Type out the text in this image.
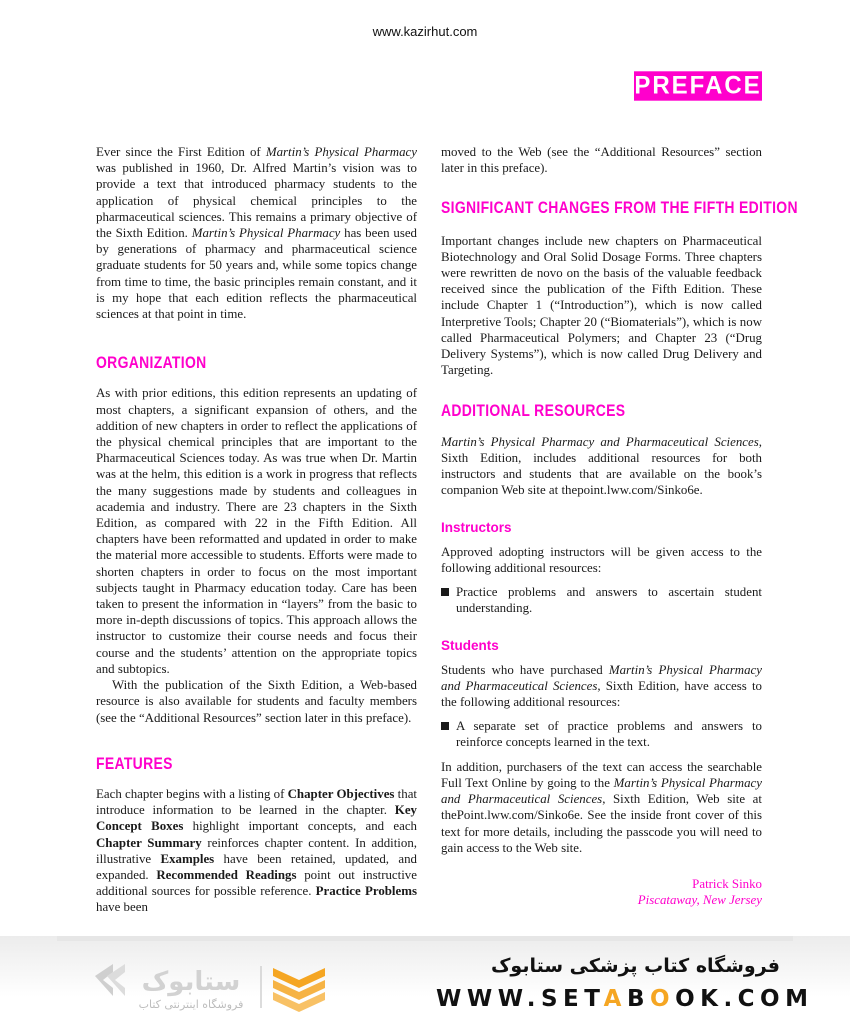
www.kazirhut.com
PREFACE

Ever since the First Edition of Martin’s Physical Pharmacy was published in 1960, Dr. Alfred Martin’s vision was to provide a text that introduced pharmacy students to the application of physical chemical principles to the pharmaceutical sciences. This remains a primary objective of the Sixth Edition. Martin’s Physical Pharmacy has been used by generations of pharmacy and pharmaceutical science graduate students for 50 years and, while some topics change from time to time, the basic principles remain constant, and it is my hope that each edition reflects the pharmaceutical sciences at that point in time.

ORGANIZATION

As with prior editions, this edition represents an updating of most chapters, a significant expansion of others, and the addition of new chapters in order to reflect the applications of the physical chemical principles that are important to the Pharmaceutical Sciences today. As was true when Dr. Martin was at the helm, this edition is a work in progress that reflects the many suggestions made by students and colleagues in academia and industry. There are 23 chapters in the Sixth Edition, as compared with 22 in the Fifth Edition. All chapters have been reformatted and updated in order to make the material more accessible to students. Efforts were made to shorten chapters in order to focus on the most important subjects taught in Pharmacy education today. Care has been taken to present the information in “layers” from the basic to more in-depth discussions of topics. This approach allows the instructor to customize their course needs and focus their course and the students’ attention on the appropriate topics and subtopics.

With the publication of the Sixth Edition, a Web-based resource is also available for students and faculty members (see the “Additional Resources” section later in this preface).

FEATURES

Each chapter begins with a listing of Chapter Objectives that introduce information to be learned in the chapter. Key Concept Boxes highlight important concepts, and each Chapter Summary reinforces chapter content. In addition, illustrative Examples have been retained, updated, and expanded. Recommended Readings point out instructive additional sources for possible reference. Practice Problems have been

moved to the Web (see the “Additional Resources” section later in this preface).

SIGNIFICANT CHANGES FROM THE FIFTH EDITION

Important changes include new chapters on Pharmaceutical Biotechnology and Oral Solid Dosage Forms. Three chapters were rewritten de novo on the basis of the valuable feedback received since the publication of the Fifth Edition. These include Chapter 1 (“Introduction”), which is now called Interpretive Tools; Chapter 20 (“Biomaterials”), which is now called Pharmaceutical Polymers; and Chapter 23 (“Drug Delivery Systems”), which is now called Drug Delivery and Targeting.

ADDITIONAL RESOURCES

Martin’s Physical Pharmacy and Pharmaceutical Sciences, Sixth Edition, includes additional resources for both instructors and students that are available on the book’s companion Web site at thepoint.lww.com/Sinko6e.

Instructors

Approved adopting instructors will be given access to the following additional resources:

Practice problems and answers to ascertain student understanding.

Students

Students who have purchased Martin’s Physical Pharmacy and Pharmaceutical Sciences, Sixth Edition, have access to the following additional resources:

A separate set of practice problems and answers to reinforce concepts learned in the text.

In addition, purchasers of the text can access the searchable Full Text Online by going to the Martin’s Physical Pharmacy and Pharmaceutical Sciences, Sixth Edition, Web site at thePoint.lww.com/Sinko6e. See the inside front cover of this text for more details, including the passcode you will need to gain access to the Web site.

Patrick Sinko
Piscataway, New Jersey
ستابوک
فروشگاه اینترنتی کتاب
فروشگاه کتاب پزشکی ستابوک
WWW.SETABOOK.COM
